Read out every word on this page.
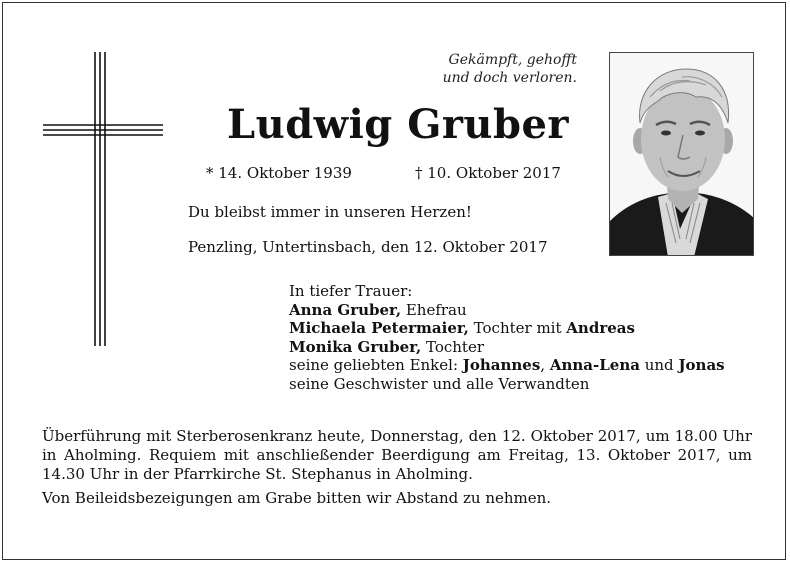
Gekämpft, gehofft
und doch verloren.
Ludwig Gruber
* 14. Oktober 1939	† 10. Oktober 2017
Du bleibst immer in unseren Herzen!
Penzling, Untertinsbach, den 12. Oktober 2017
In tiefer Trauer:
Anna Gruber, Ehefrau
Michaela Petermaier, Tochter mit Andreas
Monika Gruber, Tochter
seine geliebten Enkel: Johannes, Anna-Lena und Jonas
seine Geschwister und alle Verwandten
Überführung mit Sterberosenkranz heute, Donnerstag, den 12. Oktober 2017, um 18.00 Uhr in Aholming. Requiem mit anschließender Beerdigung am Freitag, 13. Oktober 2017, um 14.30 Uhr in der Pfarrkirche St. Stephanus in Aholming.
Von Beileidsbezeigungen am Grabe bitten wir Abstand zu nehmen.
